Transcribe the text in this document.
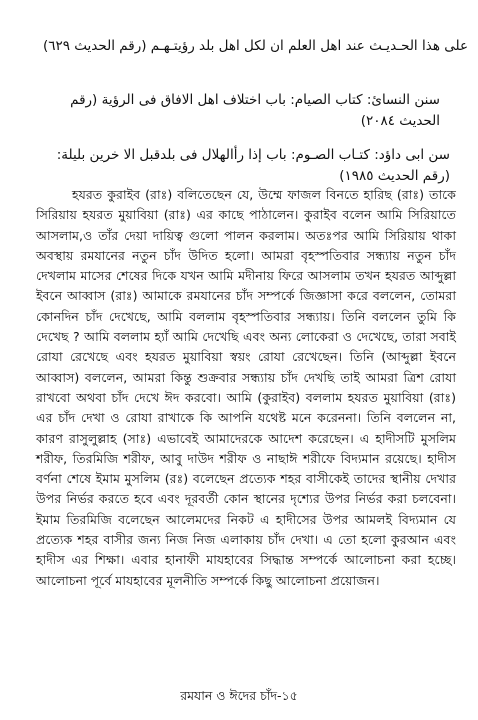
علی هذا الحـديـث عند اهل العلم ان لكل اهل بلد رؤيتـهـم (رقم الحديث ٦٢٩)

سنن النسائ: كتاب الصيام: باب اختلاف اهل الافاق فی الرؤية (رقم الحديث ٢٠٨٤)

سن ابی داؤد: كتـاب الصـوم: باب إذا رأالهلال فی بلدقبل الا خرين بليلة: (رقم الحديث ١٩٨٥)

হযরত কুরাইব (রাঃ) বলিতেছেন যে, উম্মে ফাজল বিনতে হারিছ (রাঃ) তাকে সিরিয়ায় হযরত মুয়াবিয়া (রাঃ) এর কাছে পাঠালেন। কুরাইব বলেন আমি সিরিয়াতে আসলাম,ও তাঁর দেয়া দায়িত্ব গুলো পালন করলাম। অতঃপর আমি সিরিয়ায় থাকা অবস্থায় রমযানের নতুন চাঁদ উদিত হলো। আমরা বৃহস্পতিবার সন্ধ্যায় নতুন চাঁদ দেখলাম মাসের শেষের দিকে যখন আমি মদীনায় ফিরে আসলাম তখন হযরত আব্দুল্লা ইবনে আব্বাস (রাঃ) আমাকে রমযানের চাঁদ সম্পর্কে জিজ্ঞাসা করে বললেন, তোমরা কোনদিন চাঁদ দেখেছে, আমি বললাম বৃহস্পতিবার সন্ধ্যায়। তিনি বললেন তুমি কি দেখেছ ? আমি বললাম হ্যাঁ আমি দেখেছি এবং অন্য লোকেরা ও দেখেছে, তারা সবাই রোযা রেখেছে এবং হযরত মুয়াবিয়া স্বয়ং রোযা রেখেছেন। তিনি (আব্দুল্লা ইবনে আব্বাস) বললেন, আমরা কিন্তু শুক্রবার সন্ধ্যায় চাঁদ দেখছি তাই আমরা ত্রিশ রোযা রাখবো অথবা চাঁদ দেখে ঈদ করবো। আমি (কুরাইব) বললাম হযরত মুয়াবিয়া (রাঃ) এর চাঁদ দেখা ও রোযা রাখাকে কি আপনি যথেষ্ট মনে করেননা। তিনি বললেন না, কারণ রাসুলুল্লাহ (সাঃ) এভাবেই আমাদেরকে আদেশ করেছেন। এ হাদীসটি মুসলিম শরীফ, তিরমিজি শরীফ, আবু দাউদ শরীফ ও নাছাঈ শরীফে বিদ্যমান রয়েছে। হাদীস বর্ণনা শেষে ইমাম মুসলিম (রঃ) বলেছেন প্রত্যেক শহর বাসীকেই তাদের স্থানীয় দেখার উপর নির্ভর করতে হবে এবং দূরবর্তী কোন স্থানের দৃশ্যের উপর নির্ভর করা চলবেনা। ইমাম তিরমিজি বলেছেন আলেমদের নিকট এ হাদীসের উপর আমলই বিদ্যমান যে প্রত্যেক শহর বাসীর জন্য নিজ নিজ এলাকায় চাঁদ দেখা। এ তো হলো কুরআন এবং হাদীস এর শিক্ষা। এবার হানাফী মাযহাবের সিদ্ধান্ত সম্পর্কে আলোচনা করা হচ্ছে। আলোচনা পূর্বে মাযহাবের মূলনীতি সম্পর্কে কিছু আলোচনা প্রয়োজন।

রমযান ও ঈদের চাঁদ-১৫
